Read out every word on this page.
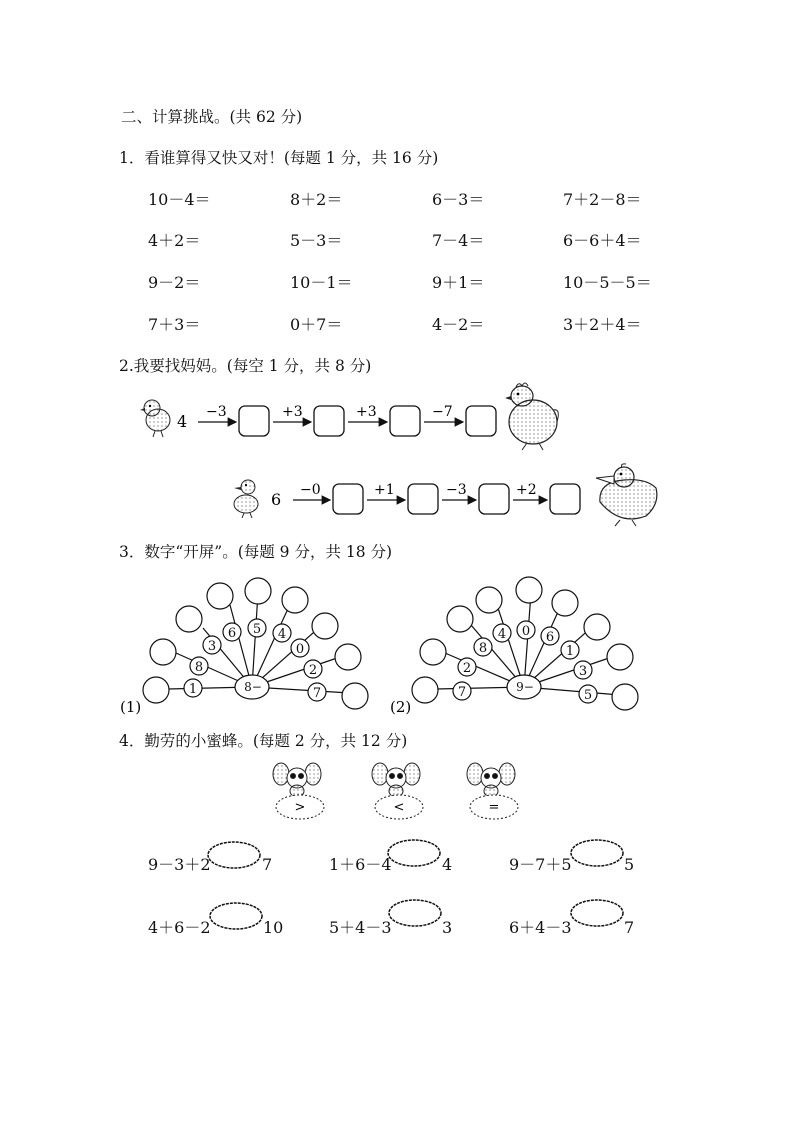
二、计算挑战。(共 62 分)
1．看谁算得又快又对！(每题 1 分，共 16 分)
10－4＝	8＋2＝	6－3＝	7＋2－8＝
4＋2＝	5－3＝	7－4＝	6－6＋4＝
9－2＝	10－1＝	9＋1＝	10－5－5＝
7＋3＝	0＋7＝	4－2＝	3＋2＋4＝
2.我要找妈妈。(每空 1 分，共 8 分)
4 −3	+3	+3	−7
6 −0	+1	−3	+2
3．数字“开屏”。(每题 9 分，共 18 分)
1
8
3
6 5 4
0
2
7
8−
(1)
7
2
8
4 0 6
1
3
5
9−
(2)
4．勤劳的小蜜蜂。(每题 2 分，共 12 分)
>	<	=
9－3＋2	7	1＋6－4	4	9－7＋5	5
4＋6－2	10	5＋4－3	3	6＋4－3	7
